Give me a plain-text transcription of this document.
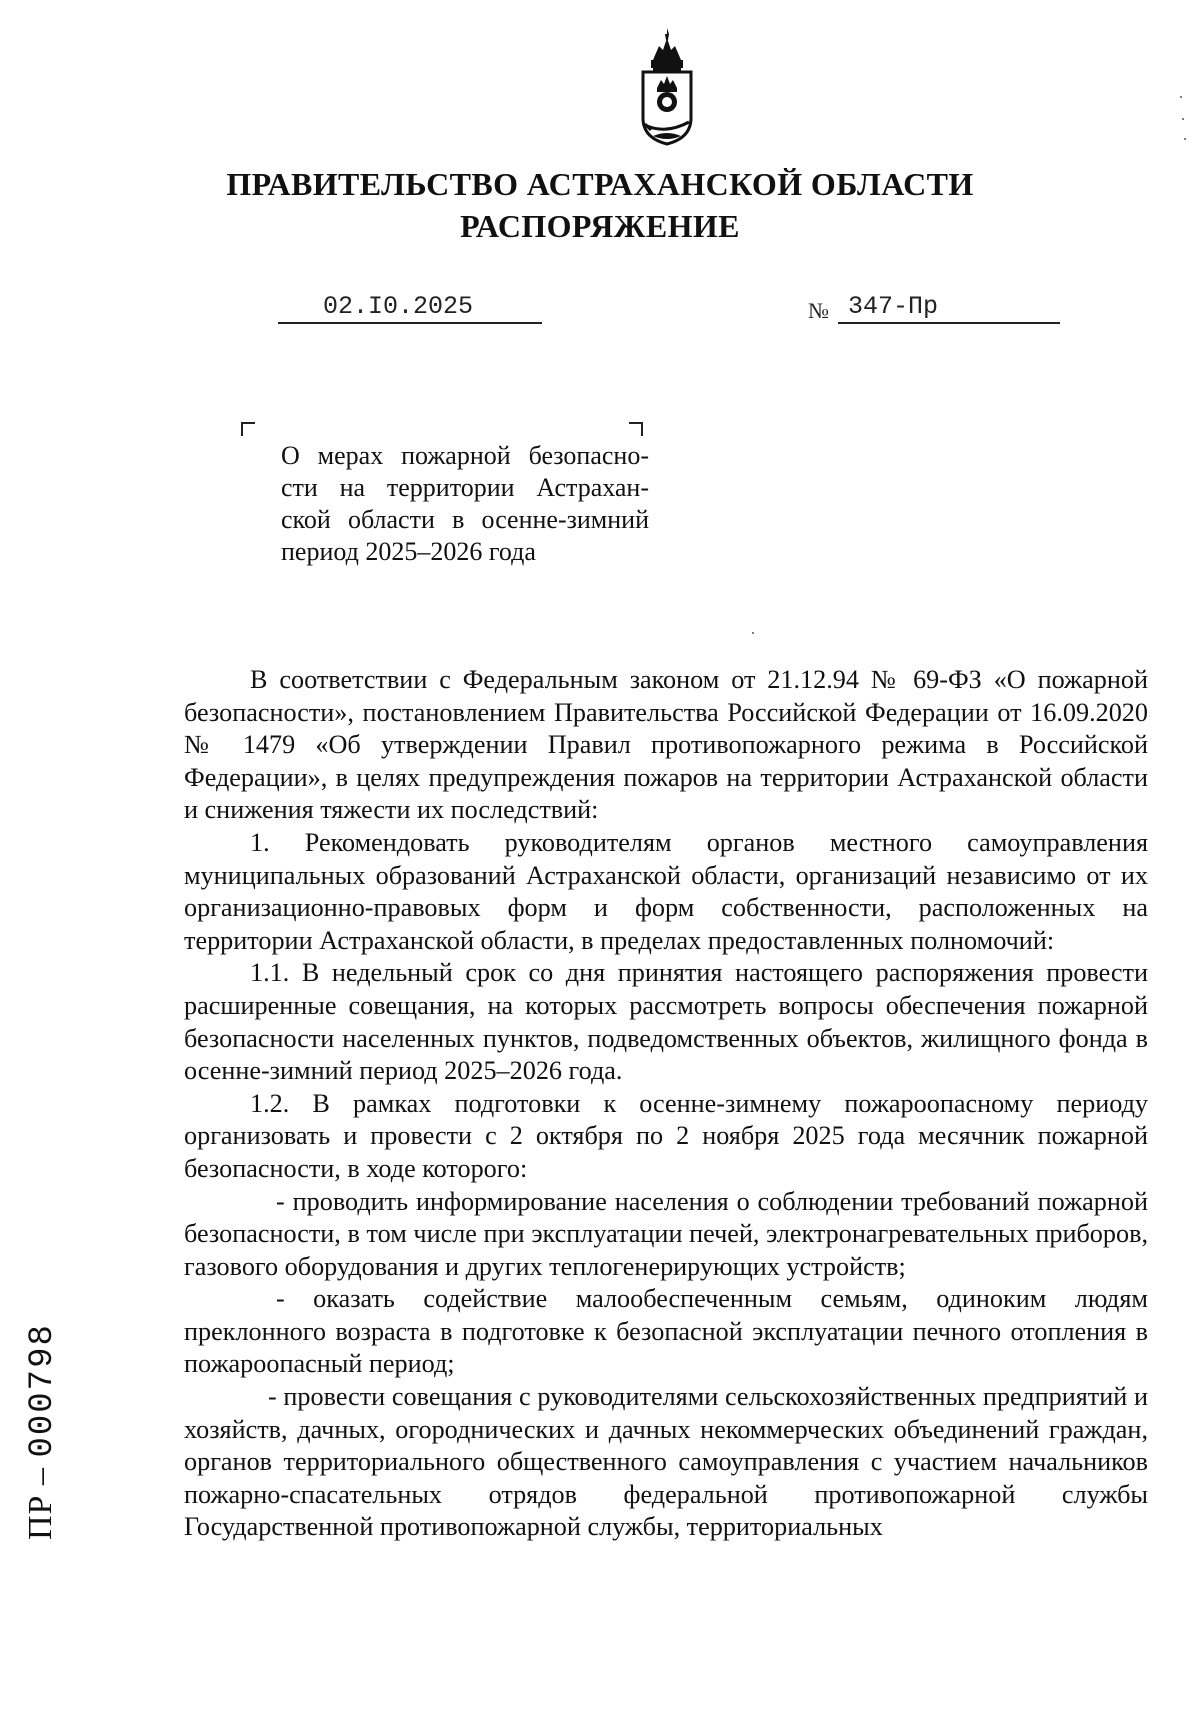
ПРАВИТЕЛЬСТВО АСТРАХАНСКОЙ ОБЛАСТИ
РАСПОРЯЖЕНИЕ
02.I0.2025	№ 347-Пр
О мерах пожарной безопасно-
сти на территории Астрахан-
ской области в осенне-зимний
период 2025–2026 года

В соответствии с Федеральным законом от 21.12.94 № 69-ФЗ «О пожарной безопасности», постановлением Правительства Российской Федерации от 16.09.2020 № 1479 «Об утверждении Правил противопожарного режима в Российской Федерации», в целях предупреждения пожаров на территории Астраханской области и снижения тяжести их последствий:

1. Рекомендовать руководителям органов местного самоуправления муниципальных образований Астраханской области, организаций независимо от их организационно-правовых форм и форм собственности, расположенных на территории Астраханской области, в пределах предоставленных полномочий:

1.1. В недельный срок со дня принятия настоящего распоряжения провести расширенные совещания, на которых рассмотреть вопросы обеспечения пожарной безопасности населенных пунктов, подведомственных объектов, жилищного фонда в осенне-зимний период 2025–2026 года.

1.2. В рамках подготовки к осенне-зимнему пожароопасному периоду организовать и провести с 2 октября по 2 ноября 2025 года месячник пожарной безопасности, в ходе которого:

- проводить информирование населения о соблюдении требований пожарной безопасности, в том числе при эксплуатации печей, электронагревательных приборов, газового оборудования и других теплогенерирующих устройств;

- оказать содействие малообеспеченным семьям, одиноким людям преклонного возраста в подготовке к безопасной эксплуатации печного отопления в пожароопасный период;

- провести совещания с руководителями сельскохозяйственных предприятий и хозяйств, дачных, огороднических и дачных некоммерческих объединений граждан, органов территориального общественного самоуправления с участием начальников пожарно-спасательных отрядов федеральной противопожарной службы Государственной противопожарной службы, территориальных

ПР – 000798
